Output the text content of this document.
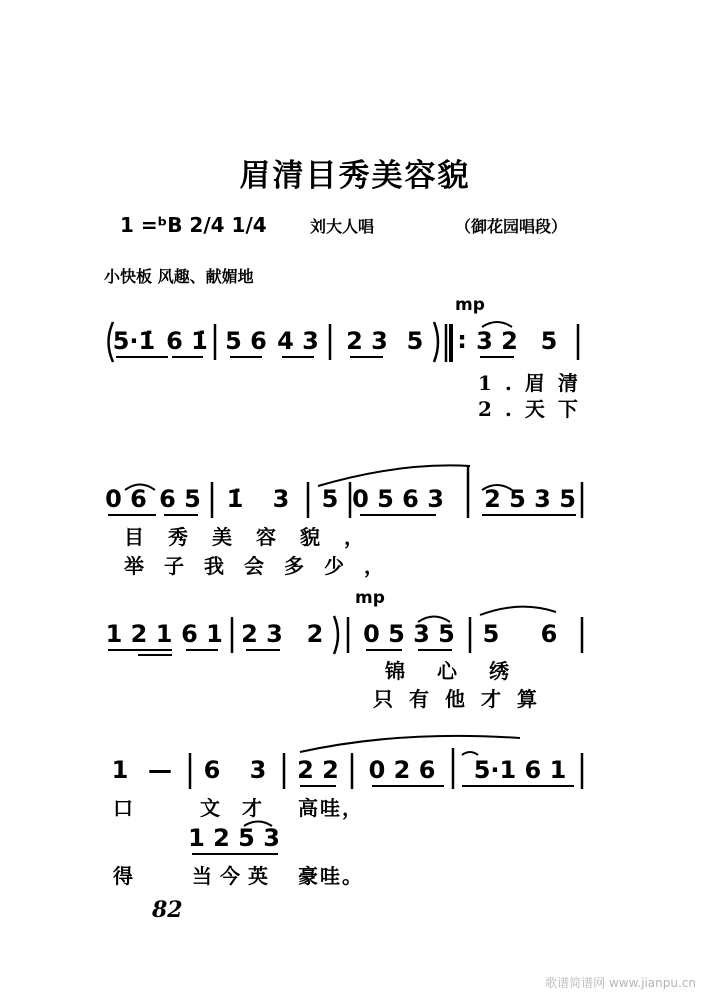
眉清目秀美容貌
1 =ᵇB 2/4 1/4	刘大人唱	（御花园唱段）
小快板 风趣、献媚地
mp
mp
5·1̇ 6 1̇ 5 6 4 3 2 3 5 : 3 2 5
0 6 6 5 1̇ 3 5 0 5 6 3 2 5 3 5
1 2 1 6 1 2 3 2 0 5 3 5 5 6
1 — 6 3 2 2 0 2 6 5·1 6 1
1 2 5 3
1.眉清
2.天下
目秀美容貌，
举子我会多少，
锦心绣
只有他才算
口	文才 高哇，
得 当今英 豪哇。
82
歌谱简谱网 www.jianpu.cn
